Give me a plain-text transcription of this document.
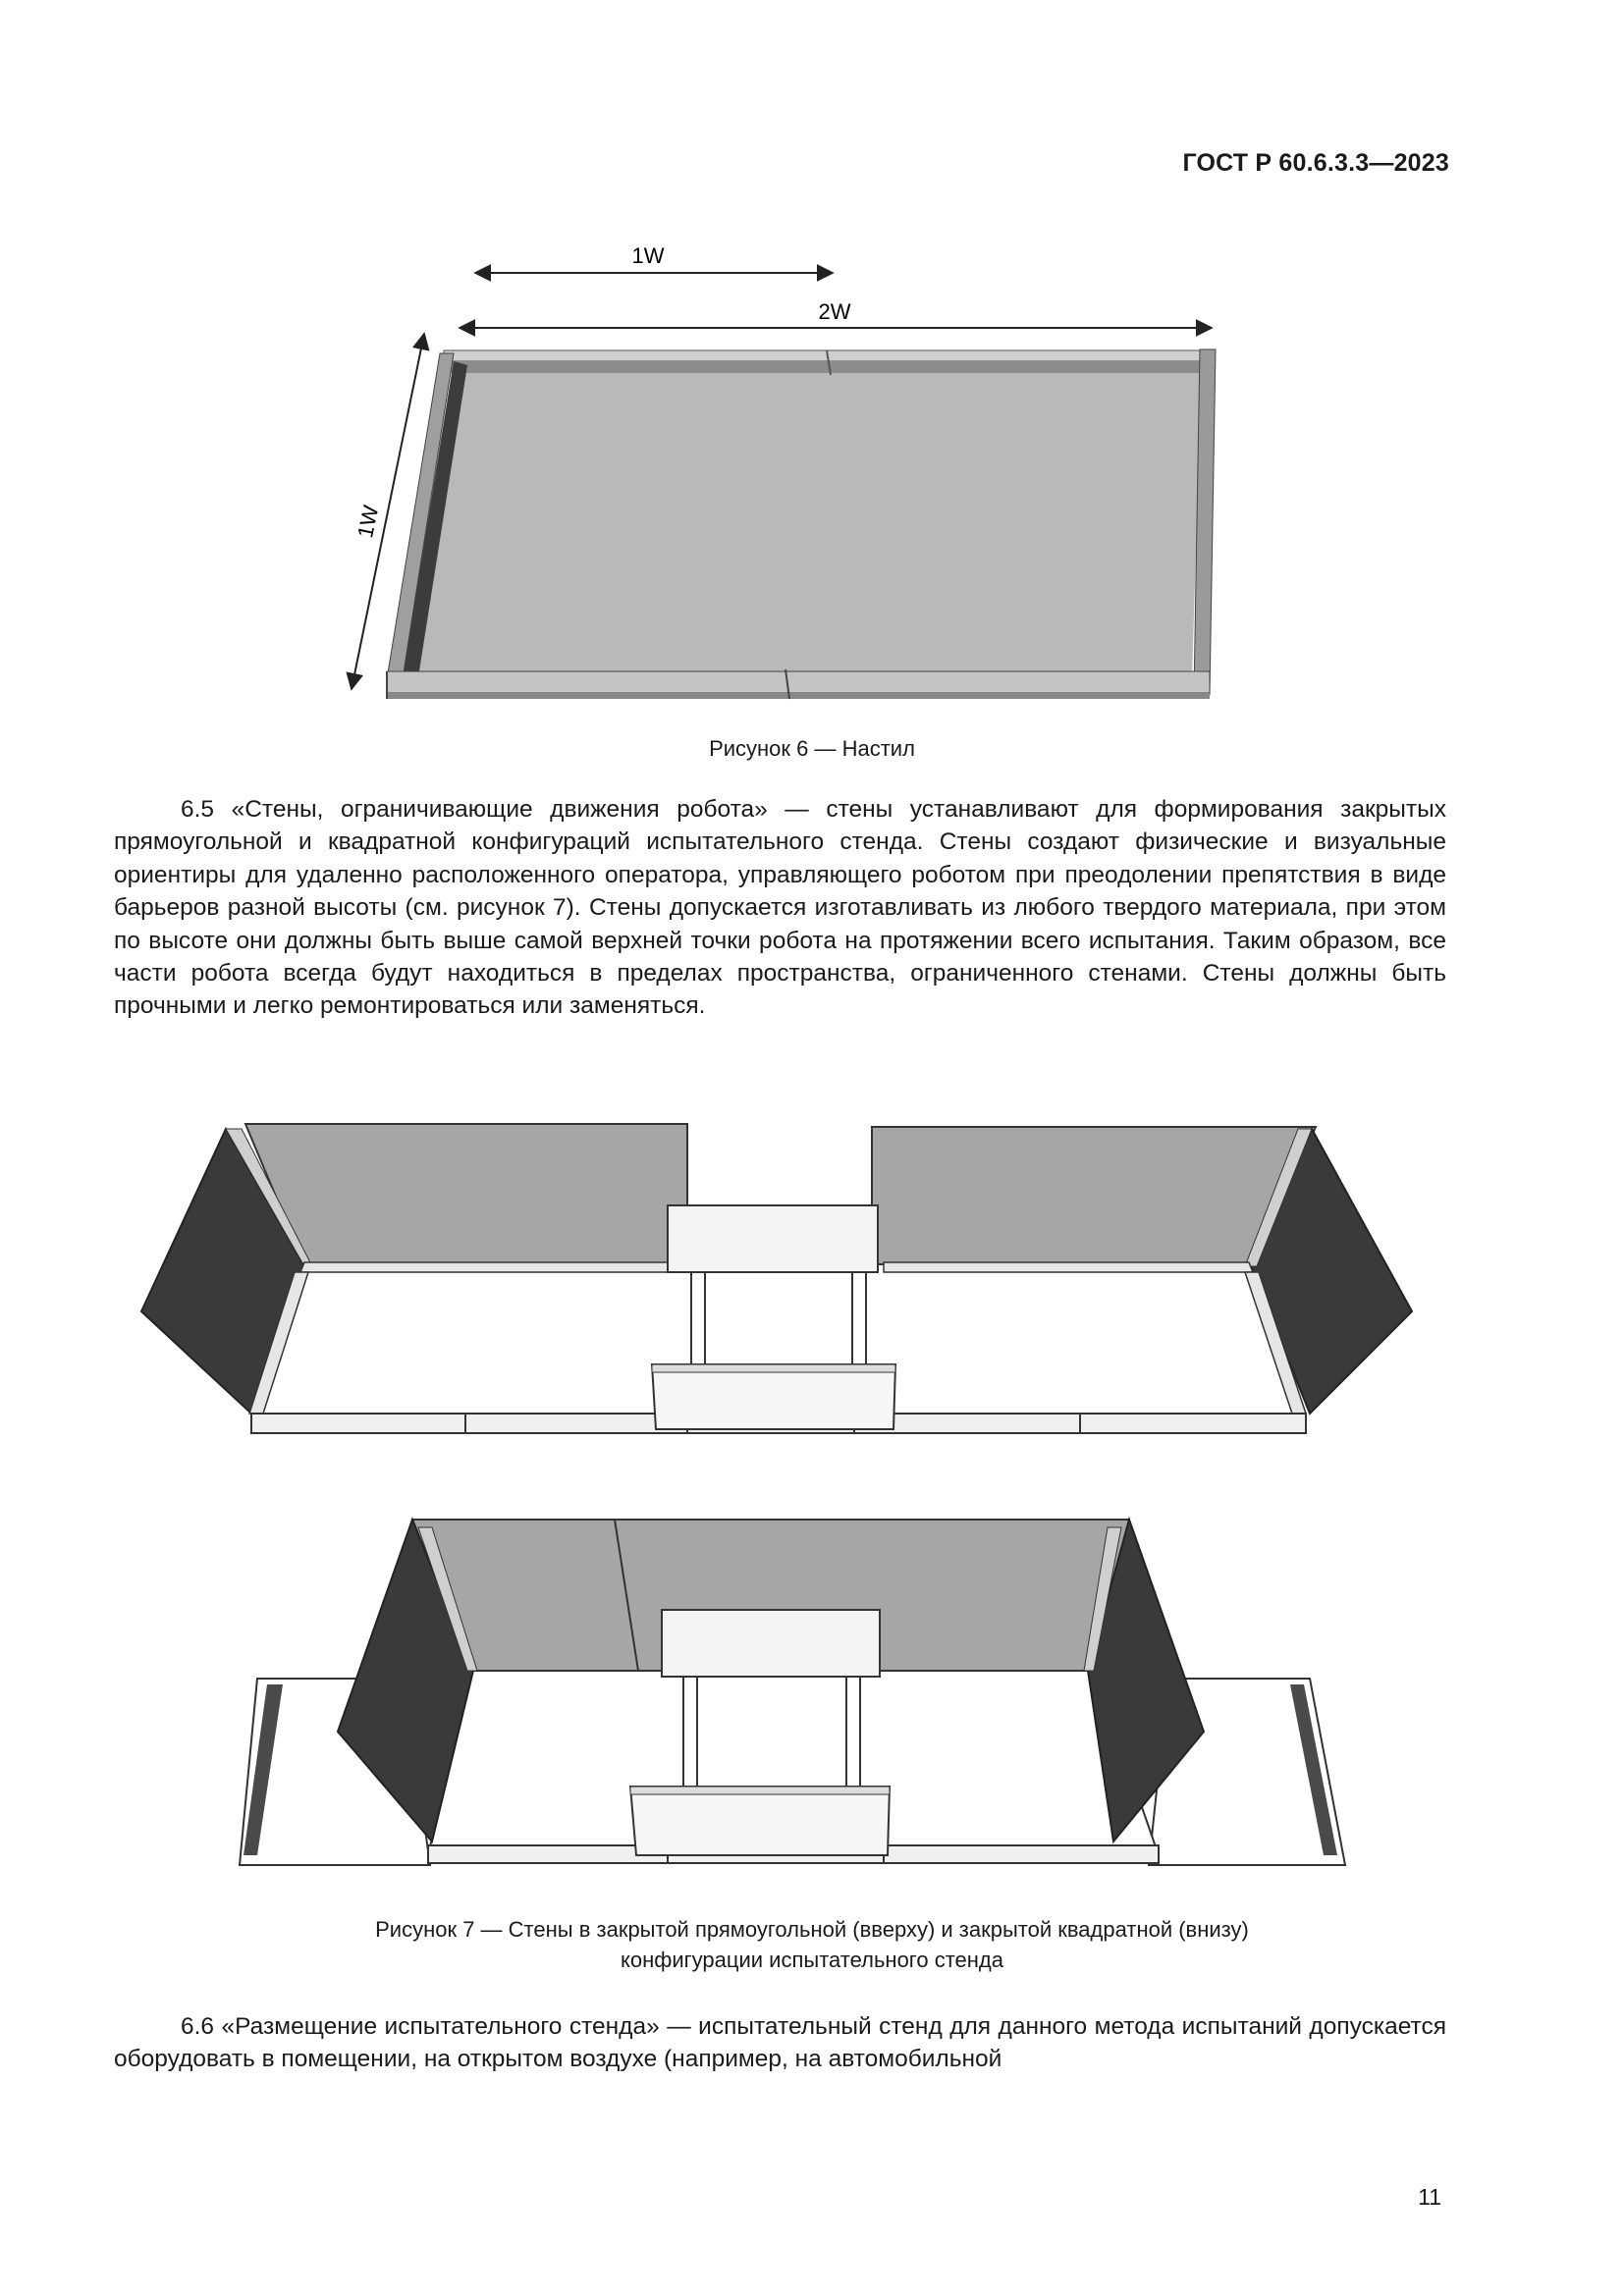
ГОСТ Р 60.6.3.3—2023
1W
2W
1W
Рисунок 6 — Настил

6.5 «Стены, ограничивающие движения робота» — стены устанавливают для формирования закрытых прямоугольной и квадратной конфигураций испытательного стенда. Стены создают физические и визуальные ориентиры для удаленно расположенного оператора, управляющего роботом при преодолении препятствия в виде барьеров разной высоты (см. рисунок 7). Стены допускается изготавливать из любого твердого материала, при этом по высоте они должны быть выше самой верхней точки робота на протяжении всего испытания. Таким образом, все части робота всегда будут находиться в пределах пространства, ограниченного стенами. Стены должны быть прочными и легко ремонтироваться или заменяться.

Рисунок 7 — Стены в закрытой прямоугольной (вверху) и закрытой квадратной (внизу)
конфигурации испытательного стенда

6.6 «Размещение испытательного стенда» — испытательный стенд для данного метода испытаний допускается оборудовать в помещении, на открытом воздухе (например, на автомобильной

11
